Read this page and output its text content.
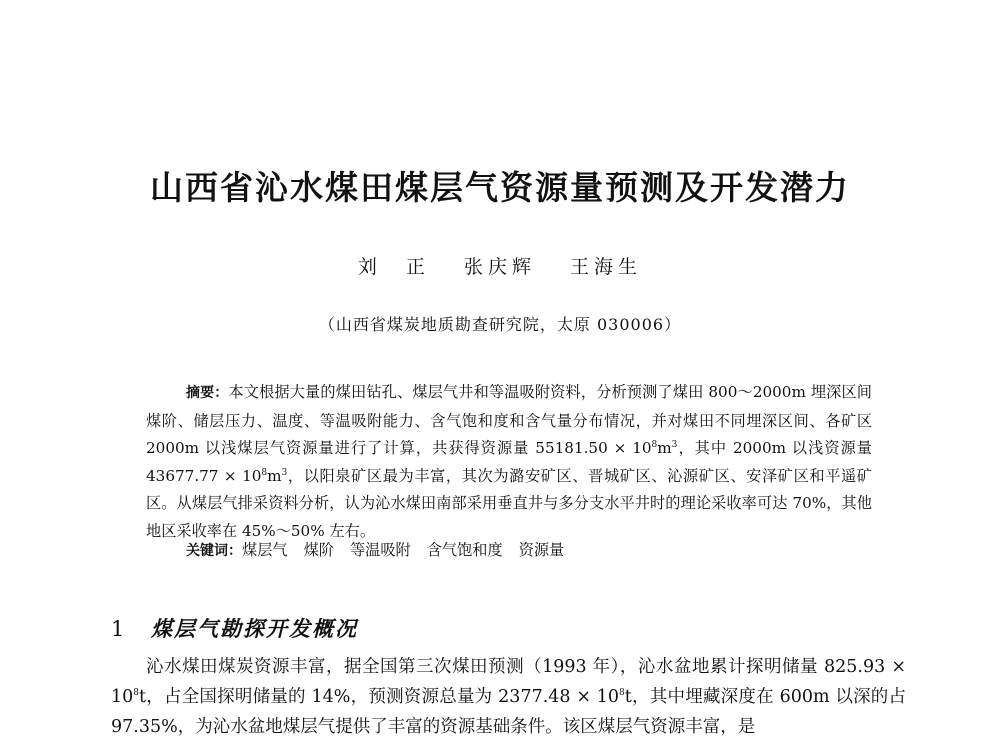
山西省沁水煤田煤层气资源量预测及开发潜力
刘　正 张庆辉 王海生
（山西省煤炭地质勘查研究院，太原 030006）
摘要：本文根据大量的煤田钻孔、煤层气井和等温吸附资料，分析预测了煤田 800～2000m 埋深区间煤阶、储层压力、温度、等温吸附能力、含气饱和度和含气量分布情况，并对煤田不同埋深区间、各矿区 2000m 以浅煤层气资源量进行了计算，共获得资源量 $55181.50 \times 10^8m^3$，其中 2000m 以浅资源量 $43677.77 \times 10^8m^3$，以阳泉矿区最为丰富，其次为潞安矿区、晋城矿区、沁源矿区、安泽矿区和平遥矿区。从煤层气排采资料分析，认为沁水煤田南部采用垂直井与多分支水平井时的理论采收率可达 70%，其他地区采收率在 45%～50% 左右。
关键词：煤层气 煤阶 等温吸附 含气饱和度 资源量
1 煤层气勘探开发概况
沁水煤田煤炭资源丰富，据全国第三次煤田预测（1993 年），沁水盆地累计探明储量 $825.93 \times 10^8t$，占全国探明储量的 14%，预测资源总量为 $2377.48 \times 10^8t$，其中埋藏深度在 600m 以深的占 97.35%，为沁水盆地煤层气提供了丰富的资源基础条件。该区煤层气资源丰富，是
